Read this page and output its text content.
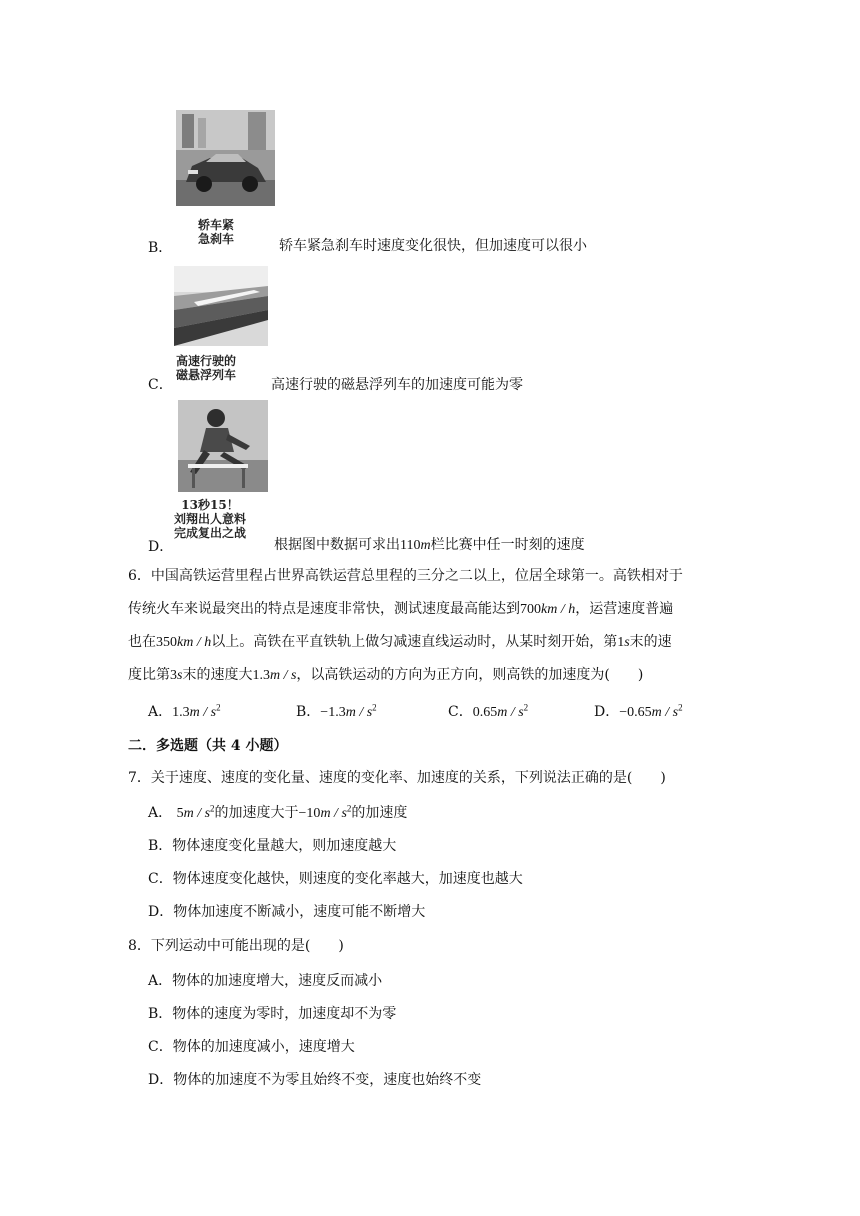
轿车紧
急刹车
B．	轿车紧急刹车时速度变化很快，但加速度可以很小
高速行驶的
磁悬浮列车
C．	高速行驶的磁悬浮列车的加速度可能为零
13秒15！
刘翔出人意料
完成复出之战
D．	根据图中数据可求出110m栏比赛中任一时刻的速度
6．中国高铁运营里程占世界高铁运营总里程的三分之二以上，位居全球第一。高铁相对于
传统火车来说最突出的特点是速度非常快，测试速度最高能达到700km / h，运营速度普遍
也在350km / h以上。高铁在平直铁轨上做匀减速直线运动时，从某时刻开始，第1s末的速
度比第3s末的速度大1.3m / s，以高铁运动的方向为正方向，则高铁的加速度为(　　)
A．$1.3m / s^2$	B．$-1.3m / s^2$	C．$0.65m / s^2$	D．$-0.65m / s^2$
二．多选题（共 4 小题）
7．关于速度、速度的变化量、速度的变化率、加速度的关系，下列说法正确的是(　　)
A． $5m / s^2$的加速度大于$-10m / s^2$的加速度
B．物体速度变化量越大，则加速度越大
C．物体速度变化越快，则速度的变化率越大，加速度也越大
D．物体加速度不断减小，速度可能不断增大
8．下列运动中可能出现的是(　　)
A．物体的加速度增大，速度反而减小
B．物体的速度为零时，加速度却不为零
C．物体的加速度减小，速度增大
D．物体的加速度不为零且始终不变，速度也始终不变
